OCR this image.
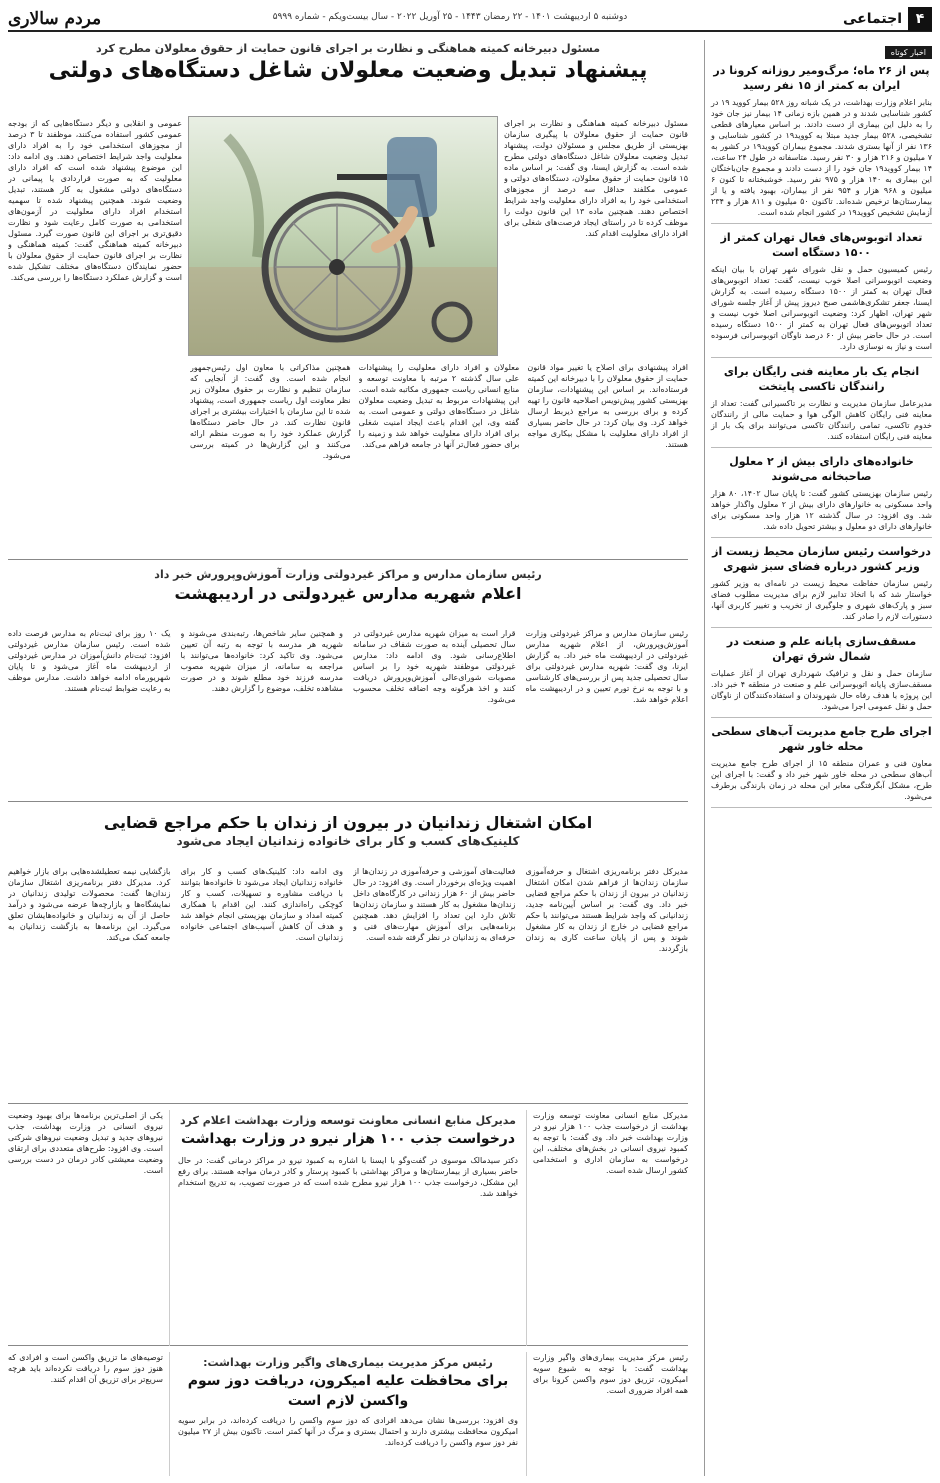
۴
اجتماعی
دوشنبه ۵ اردیبهشت ۱۴۰۱ - ۲۲ رمضان ۱۴۴۳ - ۲۵ آوریل ۲۰۲۲ - سال بیست‌ویکم - شماره ۵۹۹۹
مردم سالاری
اخبار کوتاه
پس از ۲۶ ماه؛ مرگ‌ومیر روزانه کرونا در ایران به کمتر از ۱۵ نفر رسید
بنابر اعلام وزارت بهداشت، در یک شبانه روز ۵۲۸ بیمار کووید ۱۹ در کشور شناسایی شدند و در همین بازه زمانی ۱۴ بیمار نیز جان خود را به دلیل این بیماری از دست دادند. بر اساس معیارهای قطعی تشخیصی، ۵۲۸ بیمار جدید مبتلا به کووید۱۹ در کشور شناسایی و ۱۳۶ نفر از آنها بستری شدند. مجموع بیماران کووید۱۹ در کشور به ۷ میلیون و ۲۱۶ هزار و ۳۰ نفر رسید. متاسفانه در طول ۲۴ ساعت، ۱۴ بیمار کووید۱۹ جان خود را از دست دادند و مجموع جان‌باختگان این بیماری به ۱۴۰ هزار و ۹۷۵ نفر رسید. خوشبختانه تا کنون ۶ میلیون و ۹۶۸ هزار و ۹۵۴ نفر از بیماران، بهبود یافته و یا از بیمارستان‌ها ترخیص شده‌اند. تاکنون ۵۰ میلیون و ۸۱۱ هزار و ۲۳۴ آزمایش تشخیص کووید۱۹ در کشور انجام شده است.
تعداد اتوبوس‌های فعال تهران کمتر از ۱۵۰۰ دستگاه است
رئیس کمیسیون حمل و نقل شورای شهر تهران با بیان اینکه وضعیت اتوبوسرانی اصلا خوب نیست، گفت: تعداد اتوبوس‌های فعال تهران به کمتر از ۱۵۰۰ دستگاه رسیده است. به گزارش ایسنا، جعفر تشکری‌هاشمی صبح دیروز پیش از آغاز جلسه شورای شهر تهران، اظهار کرد: وضعیت اتوبوسرانی اصلا خوب نیست و تعداد اتوبوس‌های فعال تهران به کمتر از ۱۵۰۰ دستگاه رسیده است. در حال حاضر بیش از ۶۰ درصد ناوگان اتوبوسرانی فرسوده است و نیاز به نوسازی دارد.
انجام یک بار معاینه فنی رایگان برای رانندگان تاکسی پایتخت
مدیرعامل سازمان مدیریت و نظارت بر تاکسیرانی گفت: تعداد از معاینه فنی رایگان کاهش الوگی هوا و حمایت مالی از رانندگان خدوم تاکسی، تمامی رانندگان تاکسی می‌توانند برای یک بار از معاینه فنی رایگان استفاده کنند.
خانواده‌های دارای بیش از ۲ معلول صاحبخانه می‌شوند
رئیس سازمان بهزیستی کشور گفت: تا پایان سال ۱۴۰۲، ۸۰ هزار واحد مسکونی به خانوارهای دارای بیش از ۲ معلول واگذار خواهد شد. وی افزود: در سال گذشته ۱۲ هزار واحد مسکونی برای خانوارهای دارای دو معلول و بیشتر تحویل داده شد.
درخواست رئیس سازمان محیط زیست از وزیر کشور درباره فضای سبز شهری
رئیس سازمان حفاظت محیط زیست در نامه‌ای به وزیر کشور خواستار شد که با اتخاذ تدابیر لازم برای مدیریت مطلوب فضای سبز و پارک‌های شهری و جلوگیری از تخریب و تغییر کاربری آنها، دستورات لازم را صادر کند.
مسقف‌سازی پایانه علم و صنعت در شمال شرق تهران
سازمان حمل و نقل و ترافیک شهرداری تهران از آغاز عملیات مسقف‌سازی پایانه اتوبوسرانی علم و صنعت در منطقه ۴ خبر داد. این پروژه با هدف رفاه حال شهروندان و استفاده‌کنندگان از ناوگان حمل و نقل عمومی اجرا می‌شود.
اجرای طرح جامع مدیریت آب‌های سطحی محله خاور شهر
معاون فنی و عمران منطقه ۱۵ از اجرای طرح جامع مدیریت آب‌های سطحی در محله خاور شهر خبر داد و گفت: با اجرای این طرح، مشکل آبگرفتگی معابر این محله در زمان بارندگی برطرف می‌شود.
مسئول دبیرخانه کمیته هماهنگی و نظارت بر اجرای قانون حمایت از حقوق معلولان مطرح کرد
پیشنهاد تبدیل وضعیت معلولان شاغل دستگاه‌های دولتی
مسئول دبیرخانه کمیته هماهنگی و نظارت بر اجرای قانون حمایت از حقوق معلولان با پیگیری سازمان بهزیستی از طریق مجلس و مسئولان دولت، پیشنهاد تبدیل وضعیت معلولان شاغل دستگاه‌های دولتی مطرح شده است. به گزارش ایسنا، وی گفت: بر اساس ماده ۱۵ قانون حمایت از حقوق معلولان، دستگاه‌های دولتی و عمومی مکلفند حداقل سه درصد از مجوزهای استخدامی خود را به افراد دارای معلولیت واجد شرایط اختصاص دهند. همچنین ماده ۱۳ این قانون دولت را موظف کرده تا در راستای ایجاد فرصت‌های شغلی برای افراد دارای معلولیت اقدام کند.
عمومی و انقلابی و دیگر دستگاه‌هایی که از بودجه عمومی کشور استفاده می‌کنند، موظفند تا ۳ درصد از مجوزهای استخدامی خود را به افراد دارای معلولیت واجد شرایط اختصاص دهند. وی ادامه داد: این موضوع پیشنهاد شده است که افراد دارای معلولیت که به صورت قراردادی یا پیمانی در دستگاه‌های دولتی مشغول به کار هستند، تبدیل وضعیت شوند. همچنین پیشنهاد شده تا سهمیه استخدام افراد دارای معلولیت در آزمون‌های استخدامی به صورت کامل رعایت شود و نظارت دقیق‌تری بر اجرای این قانون صورت گیرد. مسئول دبیرخانه کمیته هماهنگی گفت: کمیته هماهنگی و نظارت بر اجرای قانون حمایت از حقوق معلولان با حضور نمایندگان دستگاه‌های مختلف تشکیل شده است و گزارش عملکرد دستگاه‌ها را بررسی می‌کند.
افراد پیشنهادی برای اصلاح یا تغییر مواد قانون حمایت از حقوق معلولان را با دبیرخانه این کمیته فرستاده‌اند. بر اساس این پیشنهادات، سازمان بهزیستی کشور پیش‌نویس اصلاحیه قانون را تهیه کرده و برای بررسی به مراجع ذیربط ارسال خواهد کرد. وی بیان کرد: در حال حاضر بسیاری از افراد دارای معلولیت با مشکل بیکاری مواجه هستند.
معلولان و افراد دارای معلولیت را پیشنهادات علی سال گذشته ۲ مرتبه با معاونت توسعه و منابع انسانی ریاست جمهوری مکاتبه شده است. این پیشنهادات مربوط به تبدیل وضعیت معلولان شاغل در دستگاه‌های دولتی و عمومی است. به گفته وی، این اقدام باعث ایجاد امنیت شغلی برای افراد دارای معلولیت خواهد شد و زمینه را برای حضور فعال‌تر آنها در جامعه فراهم می‌کند.
همچنین مذاکراتی با معاون اول رئیس‌جمهور انجام شده است. وی گفت: از آنجایی که سازمان تنظیم و نظارت بر حقوق معلولان زیر نظر معاونت اول ریاست جمهوری است، پیشنهاد شده تا این سازمان با اختیارات بیشتری بر اجرای قانون نظارت کند. در حال حاضر دستگاه‌ها گزارش عملکرد خود را به صورت منظم ارائه می‌کنند و این گزارش‌ها در کمیته بررسی می‌شود.
رئیس سازمان مدارس و مراکز غیردولتی وزارت آموزش‌وپرورش خبر داد
اعلام شهریه مدارس غیردولتی در اردیبهشت
رئیس سازمان مدارس و مراکز غیردولتی وزارت آموزش‌وپرورش، از اعلام شهریه مدارس غیردولتی در اردیبهشت ماه خبر داد. به گزارش ایرنا، وی گفت: شهریه مدارس غیردولتی برای سال تحصیلی جدید پس از بررسی‌های کارشناسی و با توجه به نرخ تورم تعیین و در اردیبهشت ماه اعلام خواهد شد.
قرار است به میزان شهریه مدارس غیردولتی در سال تحصیلی آینده به صورت شفاف در سامانه اطلاع‌رسانی شود. وی ادامه داد: مدارس غیردولتی موظفند شهریه خود را بر اساس مصوبات شورای‌عالی آموزش‌وپرورش دریافت کنند و اخذ هرگونه وجه اضافه تخلف محسوب می‌شود.
و همچنین سایر شاخص‌ها، رتبه‌بندی می‌شوند و شهریه هر مدرسه با توجه به رتبه آن تعیین می‌شود. وی تاکید کرد: خانواده‌ها می‌توانند با مراجعه به سامانه، از میزان شهریه مصوب مدرسه فرزند خود مطلع شوند و در صورت مشاهده تخلف، موضوع را گزارش دهند.
یک ۱۰ روز برای ثبت‌نام به مدارس فرصت داده شده است. رئیس سازمان مدارس غیردولتی افزود: ثبت‌نام دانش‌آموزان در مدارس غیردولتی از اردیبهشت ماه آغاز می‌شود و تا پایان شهریورماه ادامه خواهد داشت. مدارس موظف به رعایت ضوابط ثبت‌نام هستند.
امکان اشتغال زندانیان در بیرون از زندان با حکم مراجع قضایی
کلینیک‌های کسب و کار برای خانواده زندانیان ایجاد می‌شود
مدیرکل دفتر برنامه‌ریزی اشتغال و حرفه‌آموزی سازمان زندان‌ها از فراهم شدن امکان اشتغال زندانیان در بیرون از زندان با حکم مراجع قضایی خبر داد. وی گفت: بر اساس آیین‌نامه جدید، زندانیانی که واجد شرایط هستند می‌توانند با حکم مراجع قضایی در خارج از زندان به کار مشغول شوند و پس از پایان ساعت کاری به زندان بازگردند.
فعالیت‌های آموزشی و حرفه‌آموزی در زندان‌ها از اهمیت ویژه‌ای برخوردار است. وی افزود: در حال حاضر بیش از ۶۰ هزار زندانی در کارگاه‌های داخل زندان‌ها مشغول به کار هستند و سازمان زندان‌ها تلاش دارد این تعداد را افزایش دهد. همچنین برنامه‌هایی برای آموزش مهارت‌های فنی و حرفه‌ای به زندانیان در نظر گرفته شده است.
وی ادامه داد: کلینیک‌های کسب و کار برای خانواده زندانیان ایجاد می‌شود تا خانواده‌ها بتوانند با دریافت مشاوره و تسهیلات، کسب و کار کوچکی راه‌اندازی کنند. این اقدام با همکاری کمیته امداد و سازمان بهزیستی انجام خواهد شد و هدف آن کاهش آسیب‌های اجتماعی خانواده زندانیان است.
بازگشایی نیمه تعطیلشده‌هایی برای بازار خواهیم کرد. مدیرکل دفتر برنامه‌ریزی اشتغال سازمان زندان‌ها گفت: محصولات تولیدی زندانیان در نمایشگاه‌ها و بازارچه‌ها عرضه می‌شود و درآمد حاصل از آن به زندانیان و خانواده‌هایشان تعلق می‌گیرد. این برنامه‌ها به بازگشت زندانیان به جامعه کمک می‌کند.
مدیرکل منابع انسانی معاونت توسعه وزارت بهداشت از درخواست جذب ۱۰۰ هزار نیرو در وزارت بهداشت خبر داد. وی گفت: با توجه به کمبود نیروی انسانی در بخش‌های مختلف، این درخواست به سازمان اداری و استخدامی کشور ارسال شده است.
مدیرکل منابع انسانی معاونت توسعه وزارت بهداشت اعلام کرد
درخواست جذب ۱۰۰ هزار نیرو در وزارت بهداشت
دکتر سیدمالک موسوی در گفت‌وگو با ایسنا با اشاره به کمبود نیرو در مراکز درمانی گفت: در حال حاضر بسیاری از بیمارستان‌ها و مراکز بهداشتی با کمبود پرستار و کادر درمان مواجه هستند. برای رفع این مشکل، درخواست جذب ۱۰۰ هزار نیرو مطرح شده است که در صورت تصویب، به تدریج استخدام خواهند شد.
یکی از اصلی‌ترین برنامه‌ها برای بهبود وضعیت نیروی انسانی در وزارت بهداشت، جذب نیروهای جدید و تبدیل وضعیت نیروهای شرکتی است. وی افزود: طرح‌های متعددی برای ارتقای وضعیت معیشتی کادر درمان در دست بررسی است.
رئیس مرکز مدیریت بیماری‌های واگیر وزارت بهداشت گفت: با توجه به شیوع سویه امیکرون، تزریق دوز سوم واکسن کرونا برای همه افراد ضروری است.
رئیس مرکز مدیریت بیماری‌های واگیر وزارت بهداشت:
برای محافظت علیه امیکرون، دریافت دوز سوم واکسن لازم است
وی افزود: بررسی‌ها نشان می‌دهد افرادی که دوز سوم واکسن را دریافت کرده‌اند، در برابر سویه امیکرون محافظت بیشتری دارند و احتمال بستری و مرگ در آنها کمتر است. تاکنون بیش از ۲۷ میلیون نفر دوز سوم واکسن را دریافت کرده‌اند.
توصیه‌های ما تزریق واکسن است و افرادی که هنوز دوز سوم را دریافت نکرده‌اند باید هرچه سریع‌تر برای تزریق آن اقدام کنند.
